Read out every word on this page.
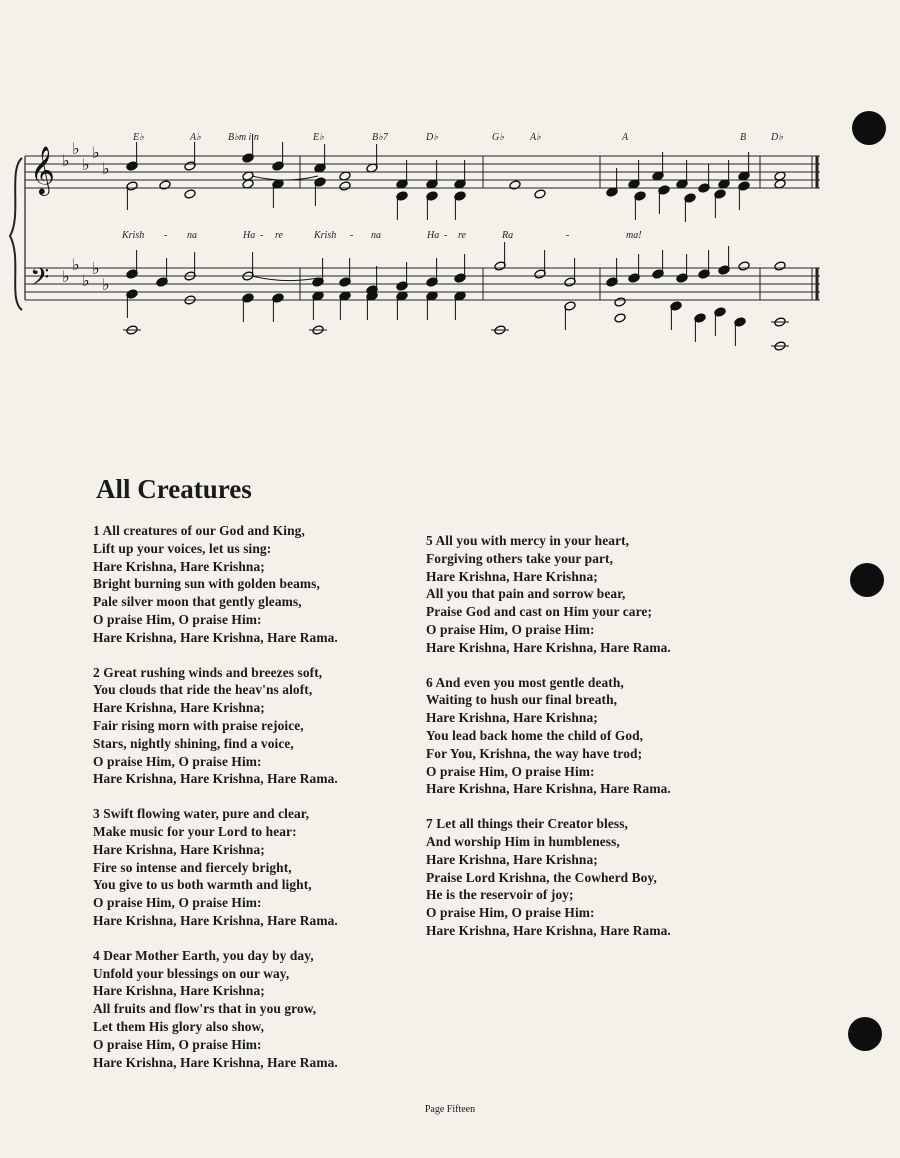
𝄞
𝄢
♭
♭
♭
♭
♭
♭
♭
♭
♭
♭
E♭	A♭	B♭m i n	E♭	B♭7	D♭	G♭	A♭	A	B D♭
Krish - na	Ha - re	Krish - na	Ha - re	Ra	-	ma!
All Creatures
1 All creatures of our God and King,
Lift up your voices, let us sing:
Hare Krishna, Hare Krishna;
Bright burning sun with golden beams,
Pale silver moon that gently gleams,
O praise Him, O praise Him:
Hare Krishna, Hare Krishna, Hare Rama.
2 Great rushing winds and breezes soft,
You clouds that ride the heav'ns aloft,
Hare Krishna, Hare Krishna;
Fair rising morn with praise rejoice,
Stars, nightly shining, find a voice,
O praise Him, O praise Him:
Hare Krishna, Hare Krishna, Hare Rama.
3 Swift flowing water, pure and clear,
Make music for your Lord to hear:
Hare Krishna, Hare Krishna;
Fire so intense and fiercely bright,
You give to us both warmth and light,
O praise Him, O praise Him:
Hare Krishna, Hare Krishna, Hare Rama.
4 Dear Mother Earth, you day by day,
Unfold your blessings on our way,
Hare Krishna, Hare Krishna;
All fruits and flow'rs that in you grow,
Let them His glory also show,
O praise Him, O praise Him:
Hare Krishna, Hare Krishna, Hare Rama.
5 All you with mercy in your heart,
Forgiving others take your part,
Hare Krishna, Hare Krishna;
All you that pain and sorrow bear,
Praise God and cast on Him your care;
O praise Him, O praise Him:
Hare Krishna, Hare Krishna, Hare Rama.
6 And even you most gentle death,
Waiting to hush our final breath,
Hare Krishna, Hare Krishna;
You lead back home the child of God,
For You, Krishna, the way have trod;
O praise Him, O praise Him:
Hare Krishna, Hare Krishna, Hare Rama.
7 Let all things their Creator bless,
And worship Him in humbleness,
Hare Krishna, Hare Krishna;
Praise Lord Krishna, the Cowherd Boy,
He is the reservoir of joy;
O praise Him, O praise Him:
Hare Krishna, Hare Krishna, Hare Rama.
Page Fifteen
